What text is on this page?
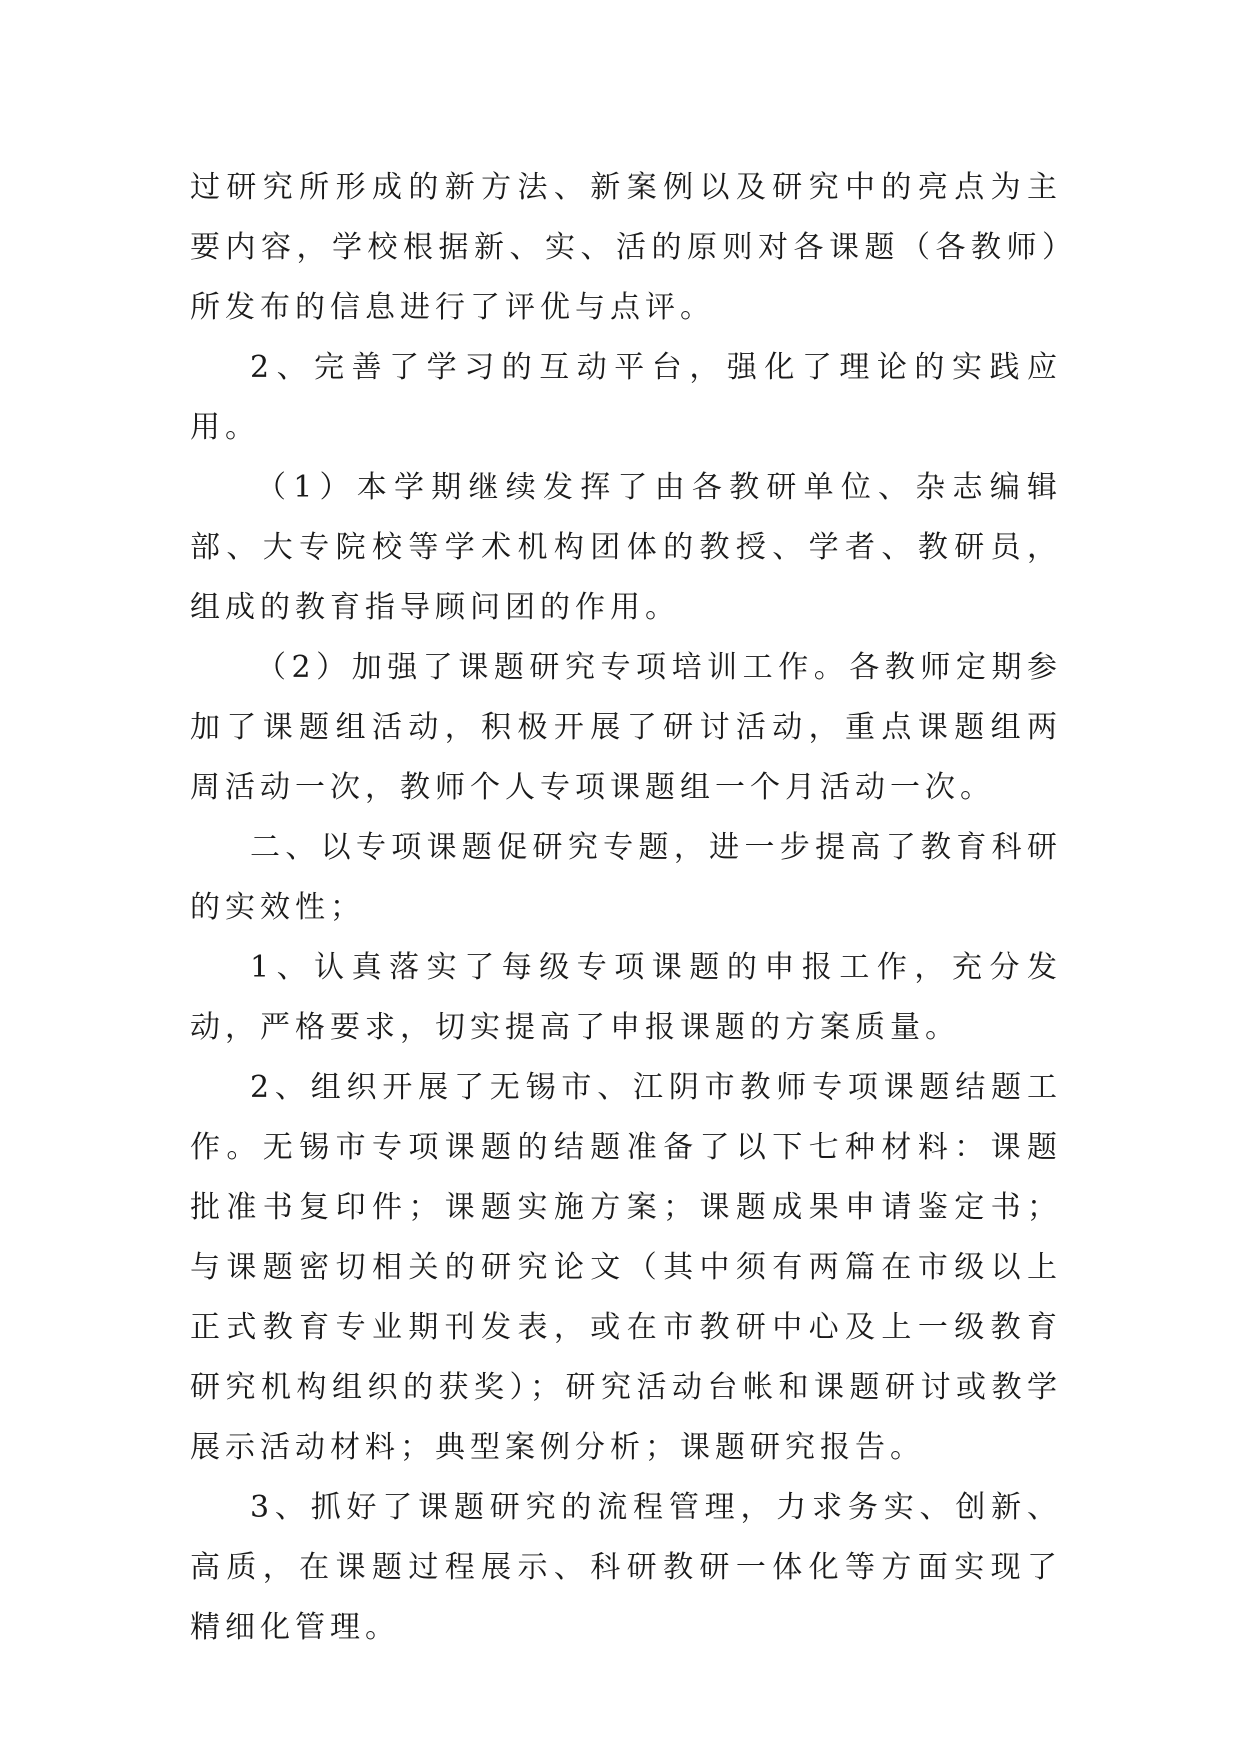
过研究所形成的新方法、新案例以及研究中的亮点为主要内容，学校根据新、实、活的原则对各课题（各教师）所发布的信息进行了评优与点评。

2、完善了学习的互动平台，强化了理论的实践应用。

（1）本学期继续发挥了由各教研单位、杂志编辑部、大专院校等学术机构团体的教授、学者、教研员，组成的教育指导顾问团的作用。

（2）加强了课题研究专项培训工作。各教师定期参加了课题组活动，积极开展了研讨活动，重点课题组两周活动一次，教师个人专项课题组一个月活动一次。

二、以专项课题促研究专题，进一步提高了教育科研的实效性；

1、认真落实了每级专项课题的申报工作，充分发动，严格要求，切实提高了申报课题的方案质量。

2、组织开展了无锡市、江阴市教师专项课题结题工作。无锡市专项课题的结题准备了以下七种材料：课题批准书复印件；课题实施方案；课题成果申请鉴定书；与课题密切相关的研究论文（其中须有两篇在市级以上正式教育专业期刊发表，或在市教研中心及上一级教育研究机构组织的获奖）；研究活动台帐和课题研讨或教学展示活动材料；典型案例分析；课题研究报告。

3、抓好了课题研究的流程管理，力求务实、创新、高质，在课题过程展示、科研教研一体化等方面实现了精细化管理。
